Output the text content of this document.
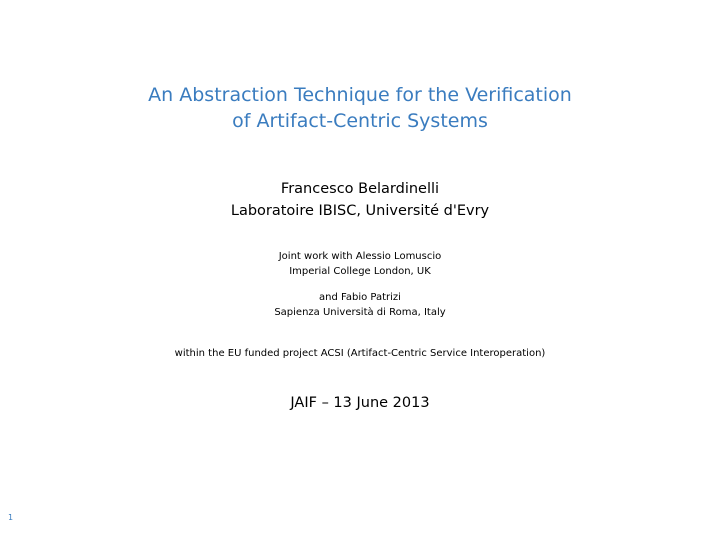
An Abstraction Technique for the Verification
of Artifact-Centric Systems
Francesco Belardinelli
Laboratoire IBISC, Université d'Evry
Joint work with Alessio Lomuscio
Imperial College London, UK
and Fabio Patrizi
Sapienza Università di Roma, Italy
within the EU funded project ACSI (Artifact-Centric Service Interoperation)
JAIF – 13 June 2013
1
